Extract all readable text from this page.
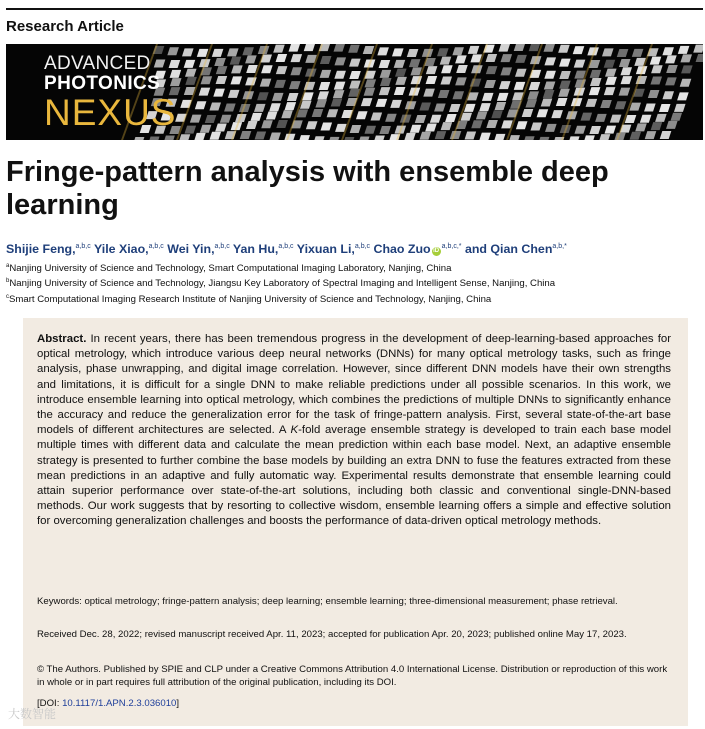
Research Article
ADVANCED
PHOTONICS
NEXUS
Fringe-pattern analysis with ensemble deep learning
Shijie Feng,$^{a,b,c}$ Yile Xiao,$^{a,b,c}$ Wei Yin,$^{a,b,c}$ Yan Hu,$^{a,b,c}$ Yixuan Li,$^{a,b,c}$ Chao Zuo $iD^{a,b,c,*}$ and Qian Chen$^{a,b,*}$
$^a$Nanjing University of Science and Technology, Smart Computational Imaging Laboratory, Nanjing, China
$^b$Nanjing University of Science and Technology, Jiangsu Key Laboratory of Spectral Imaging and Intelligent Sense, Nanjing, China
$^c$Smart Computational Imaging Research Institute of Nanjing University of Science and Technology, Nanjing, China
Abstract. In recent years, there has been tremendous progress in the development of deep-learning-based approaches for optical metrology, which introduce various deep neural networks (DNNs) for many optical metrology tasks, such as fringe analysis, phase unwrapping, and digital image correlation. However, since different DNN models have their own strengths and limitations, it is difficult for a single DNN to make reliable predictions under all possible scenarios. In this work, we introduce ensemble learning into optical metrology, which combines the predictions of multiple DNNs to significantly enhance the accuracy and reduce the generalization error for the task of fringe-pattern analysis. First, several state-of-the-art base models of different architectures are selected. A K-fold average ensemble strategy is developed to train each base model multiple times with different data and calculate the mean prediction within each base model. Next, an adaptive ensemble strategy is presented to further combine the base models by building an extra DNN to fuse the features extracted from these mean predictions in an adaptive and fully automatic way. Experimental results demonstrate that ensemble learning could attain superior performance over state-of-the-art solutions, including both classic and conventional single-DNN-based methods. Our work suggests that by resorting to collective wisdom, ensemble learning offers a simple and effective solution for overcoming generalization challenges and boosts the performance of data-driven optical metrology methods.
Keywords: optical metrology; fringe-pattern analysis; deep learning; ensemble learning; three-dimensional measurement; phase retrieval.
Received Dec. 28, 2022; revised manuscript received Apr. 11, 2023; accepted for publication Apr. 20, 2023; published online May 17, 2023.
© The Authors. Published by SPIE and CLP under a Creative Commons Attribution 4.0 International License. Distribution or reproduction of this work in whole or in part requires full attribution of the original publication, including its DOI.
[DOI: 10.1117/1.APN.2.3.036010]
大数智能
